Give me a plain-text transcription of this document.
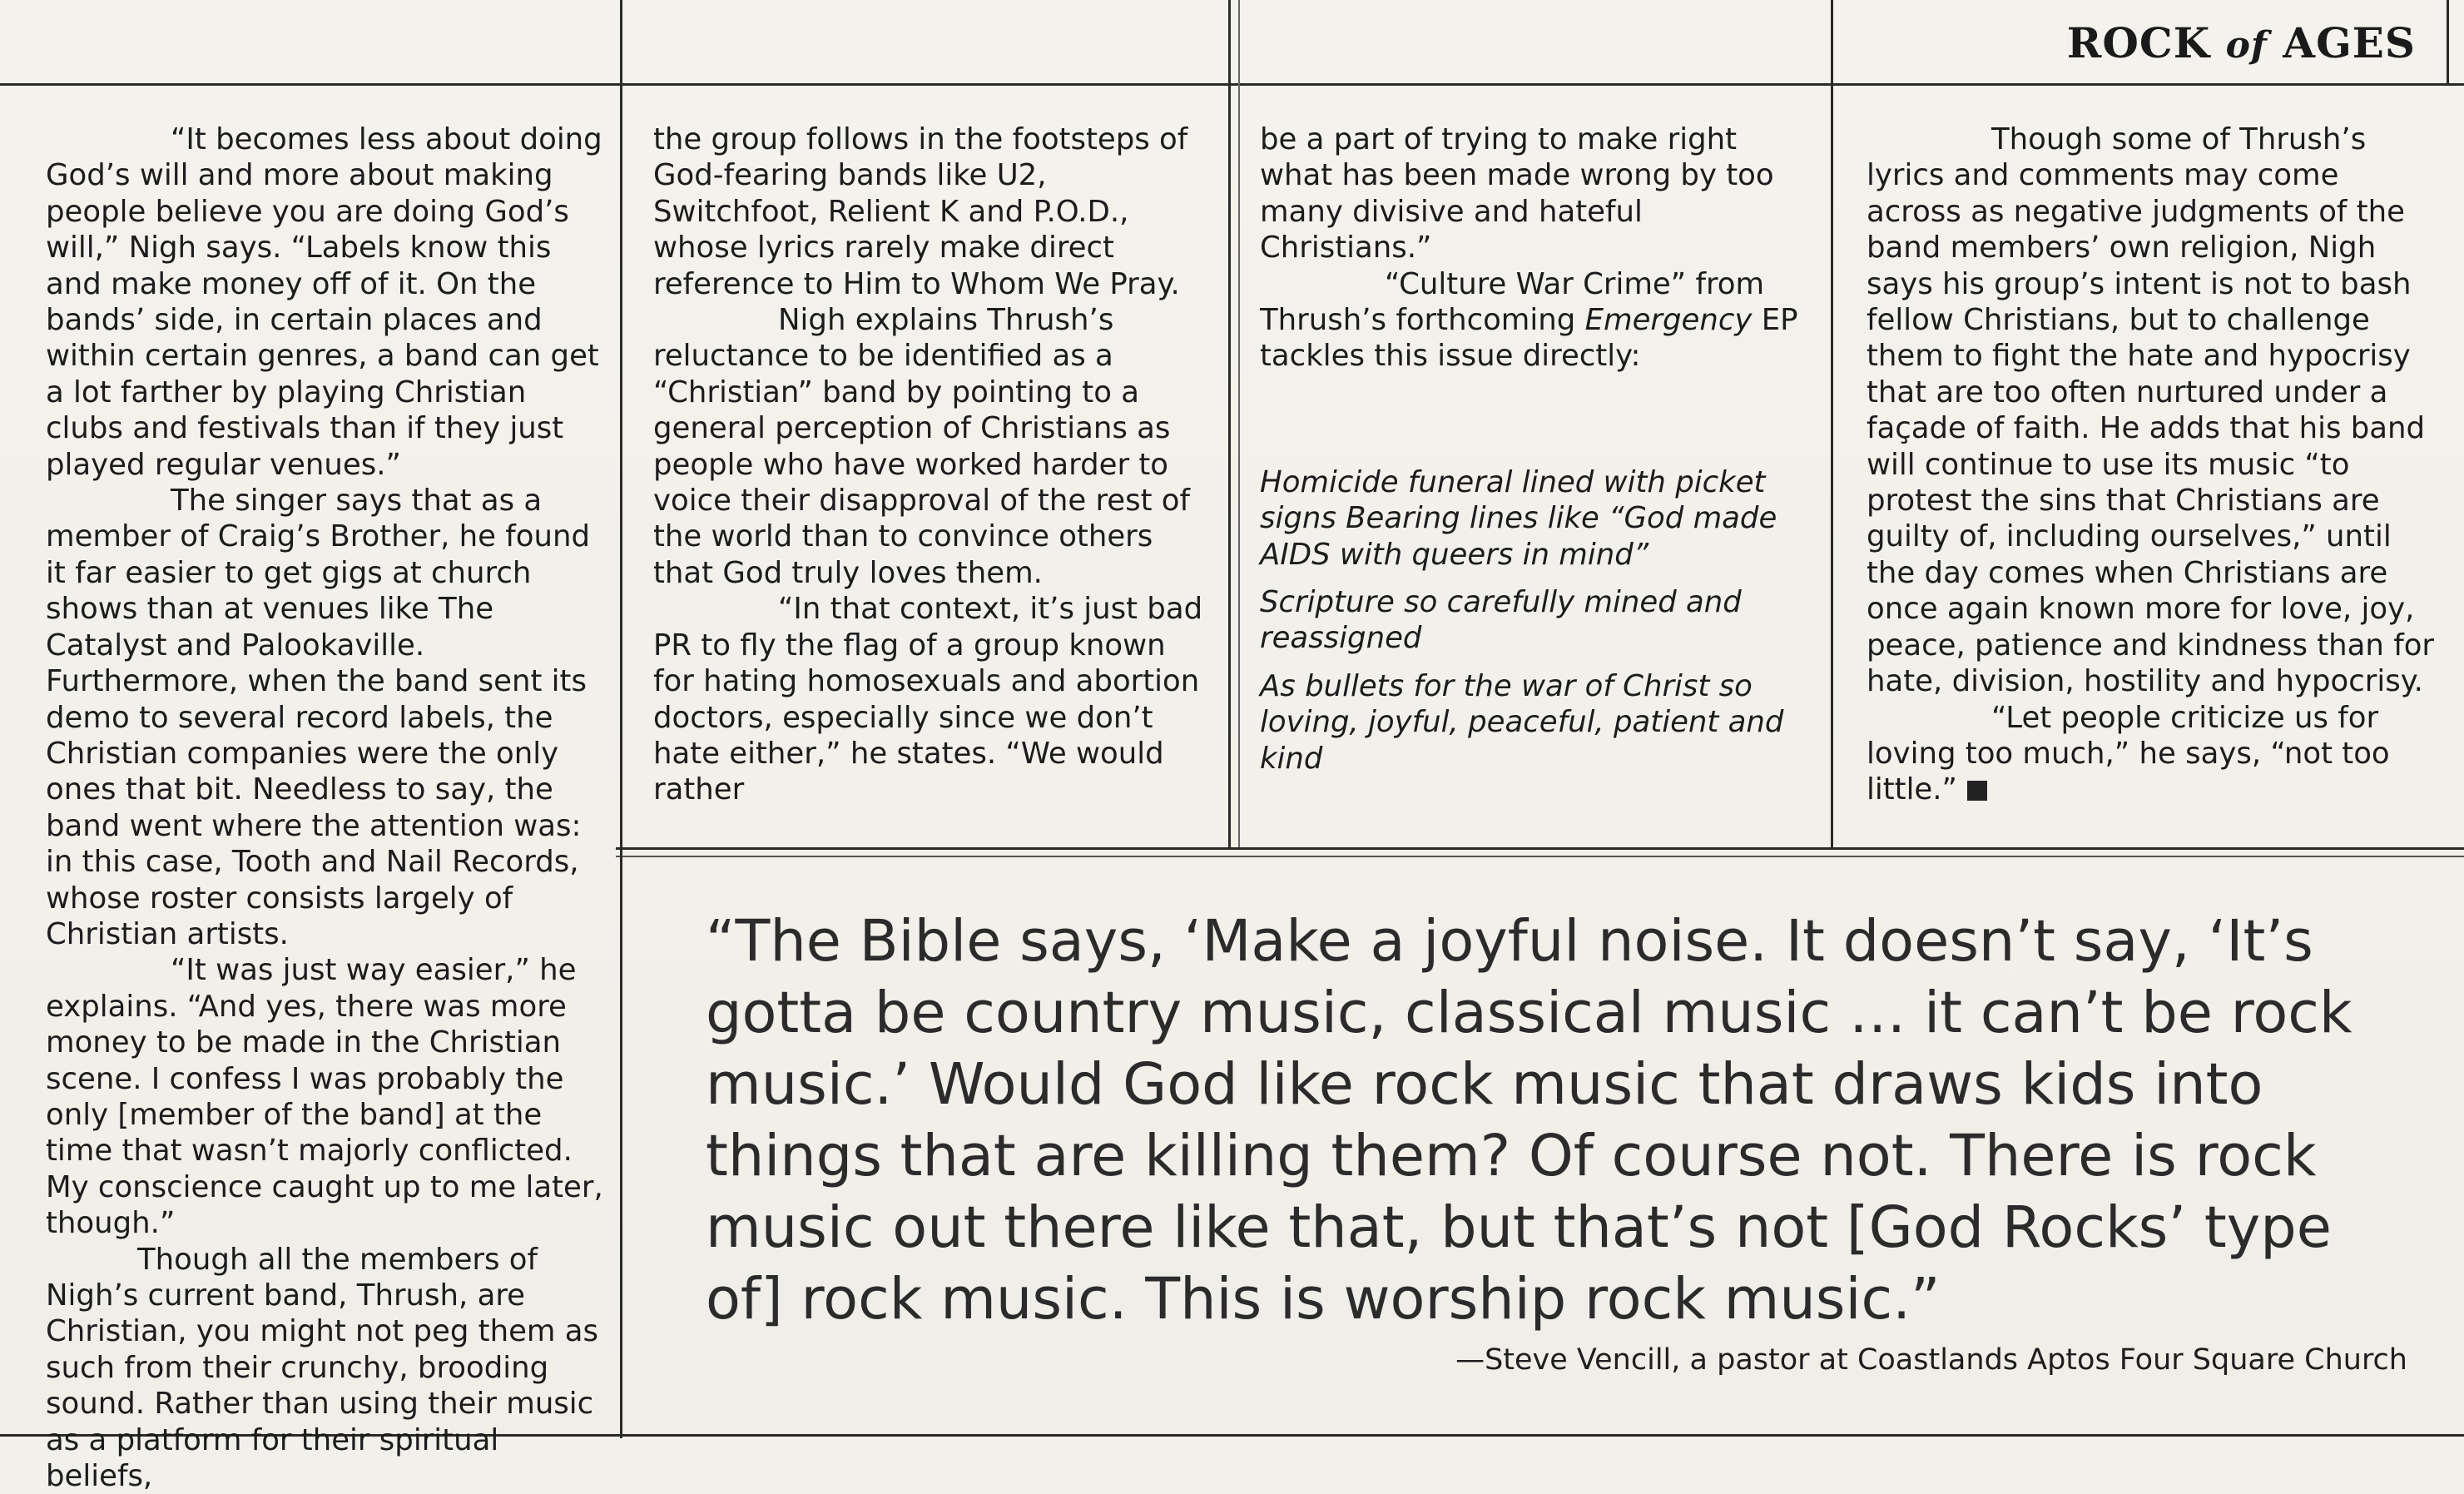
ROCK of AGES

“It becomes less about doing God’s will and more about making people believe you are doing God’s will,” Nigh says. “Labels know this and make money off of it. On the bands’ side, in certain places and within certain genres, a band can get a lot farther by playing Christian clubs and festivals than if they just played regular venues.”

The singer says that as a member of Craig’s Brother, he found it far easier to get gigs at church shows than at venues like The Catalyst and Palookaville. Furthermore, when the band sent its demo to several record labels, the Christian companies were the only ones that bit. Needless to say, the band went where the attention was: in this case, Tooth and Nail Records, whose roster consists largely of Christian artists.

“It was just way easier,” he explains. “And yes, there was more money to be made in the Christian scene. I confess I was probably the only [member of the band] at the time that wasn’t majorly conflicted. My conscience caught up to me later, though.”

Though all the members of Nigh’s current band, Thrush, are Christian, you might not peg them as such from their crunchy, brooding sound. Rather than using their music as a platform for their spiritual beliefs,

the group follows in the footsteps of God-fearing bands like U2, Switchfoot, Relient K and P.O.D., whose lyrics rarely make direct reference to Him to Whom We Pray.

Nigh explains Thrush’s reluctance to be identified as a “Christian” band by pointing to a general perception of Christians as people who have worked harder to voice their disapproval of the rest of the world than to convince others that God truly loves them.

“In that context, it’s just bad PR to fly the flag of a group known for hating homosexuals and abortion doctors, especially since we don’t hate either,” he states. “We would rather

be a part of trying to make right what has been made wrong by too many divisive and hateful Christians.”

“Culture War Crime” from Thrush’s forthcoming Emergency EP tackles this issue directly:

Homicide funeral lined with picket signs Bearing lines like “God made AIDS with queers in mind”

Scripture so carefully mined and reassigned

As bullets for the war of Christ so loving, joyful, peaceful, patient and kind

Though some of Thrush’s lyrics and comments may come across as negative judgments of the band members’ own religion, Nigh says his group’s intent is not to bash fellow Christians, but to challenge them to fight the hate and hypocrisy that are too often nurtured under a façade of faith. He adds that his band will continue to use its music “to protest the sins that Christians are guilty of, including ourselves,” until the day comes when Christians are once again known more for love, joy, peace, patience and kindness than for hate, division, hostility and hypocrisy.

“Let people criticize us for loving too much,” he says, “not too little.”

“The Bible says, ‘Make a joyful noise. It doesn’t say, ‘It’s gotta be country music, classical music … it can’t be rock music.’ Would God like rock music that draws kids into things that are killing them? Of course not. There is rock music out there like that, but that’s not [God Rocks’ type of] rock music. This is worship rock music.”
—Steve Vencill, a pastor at Coastlands Aptos Four Square Church
